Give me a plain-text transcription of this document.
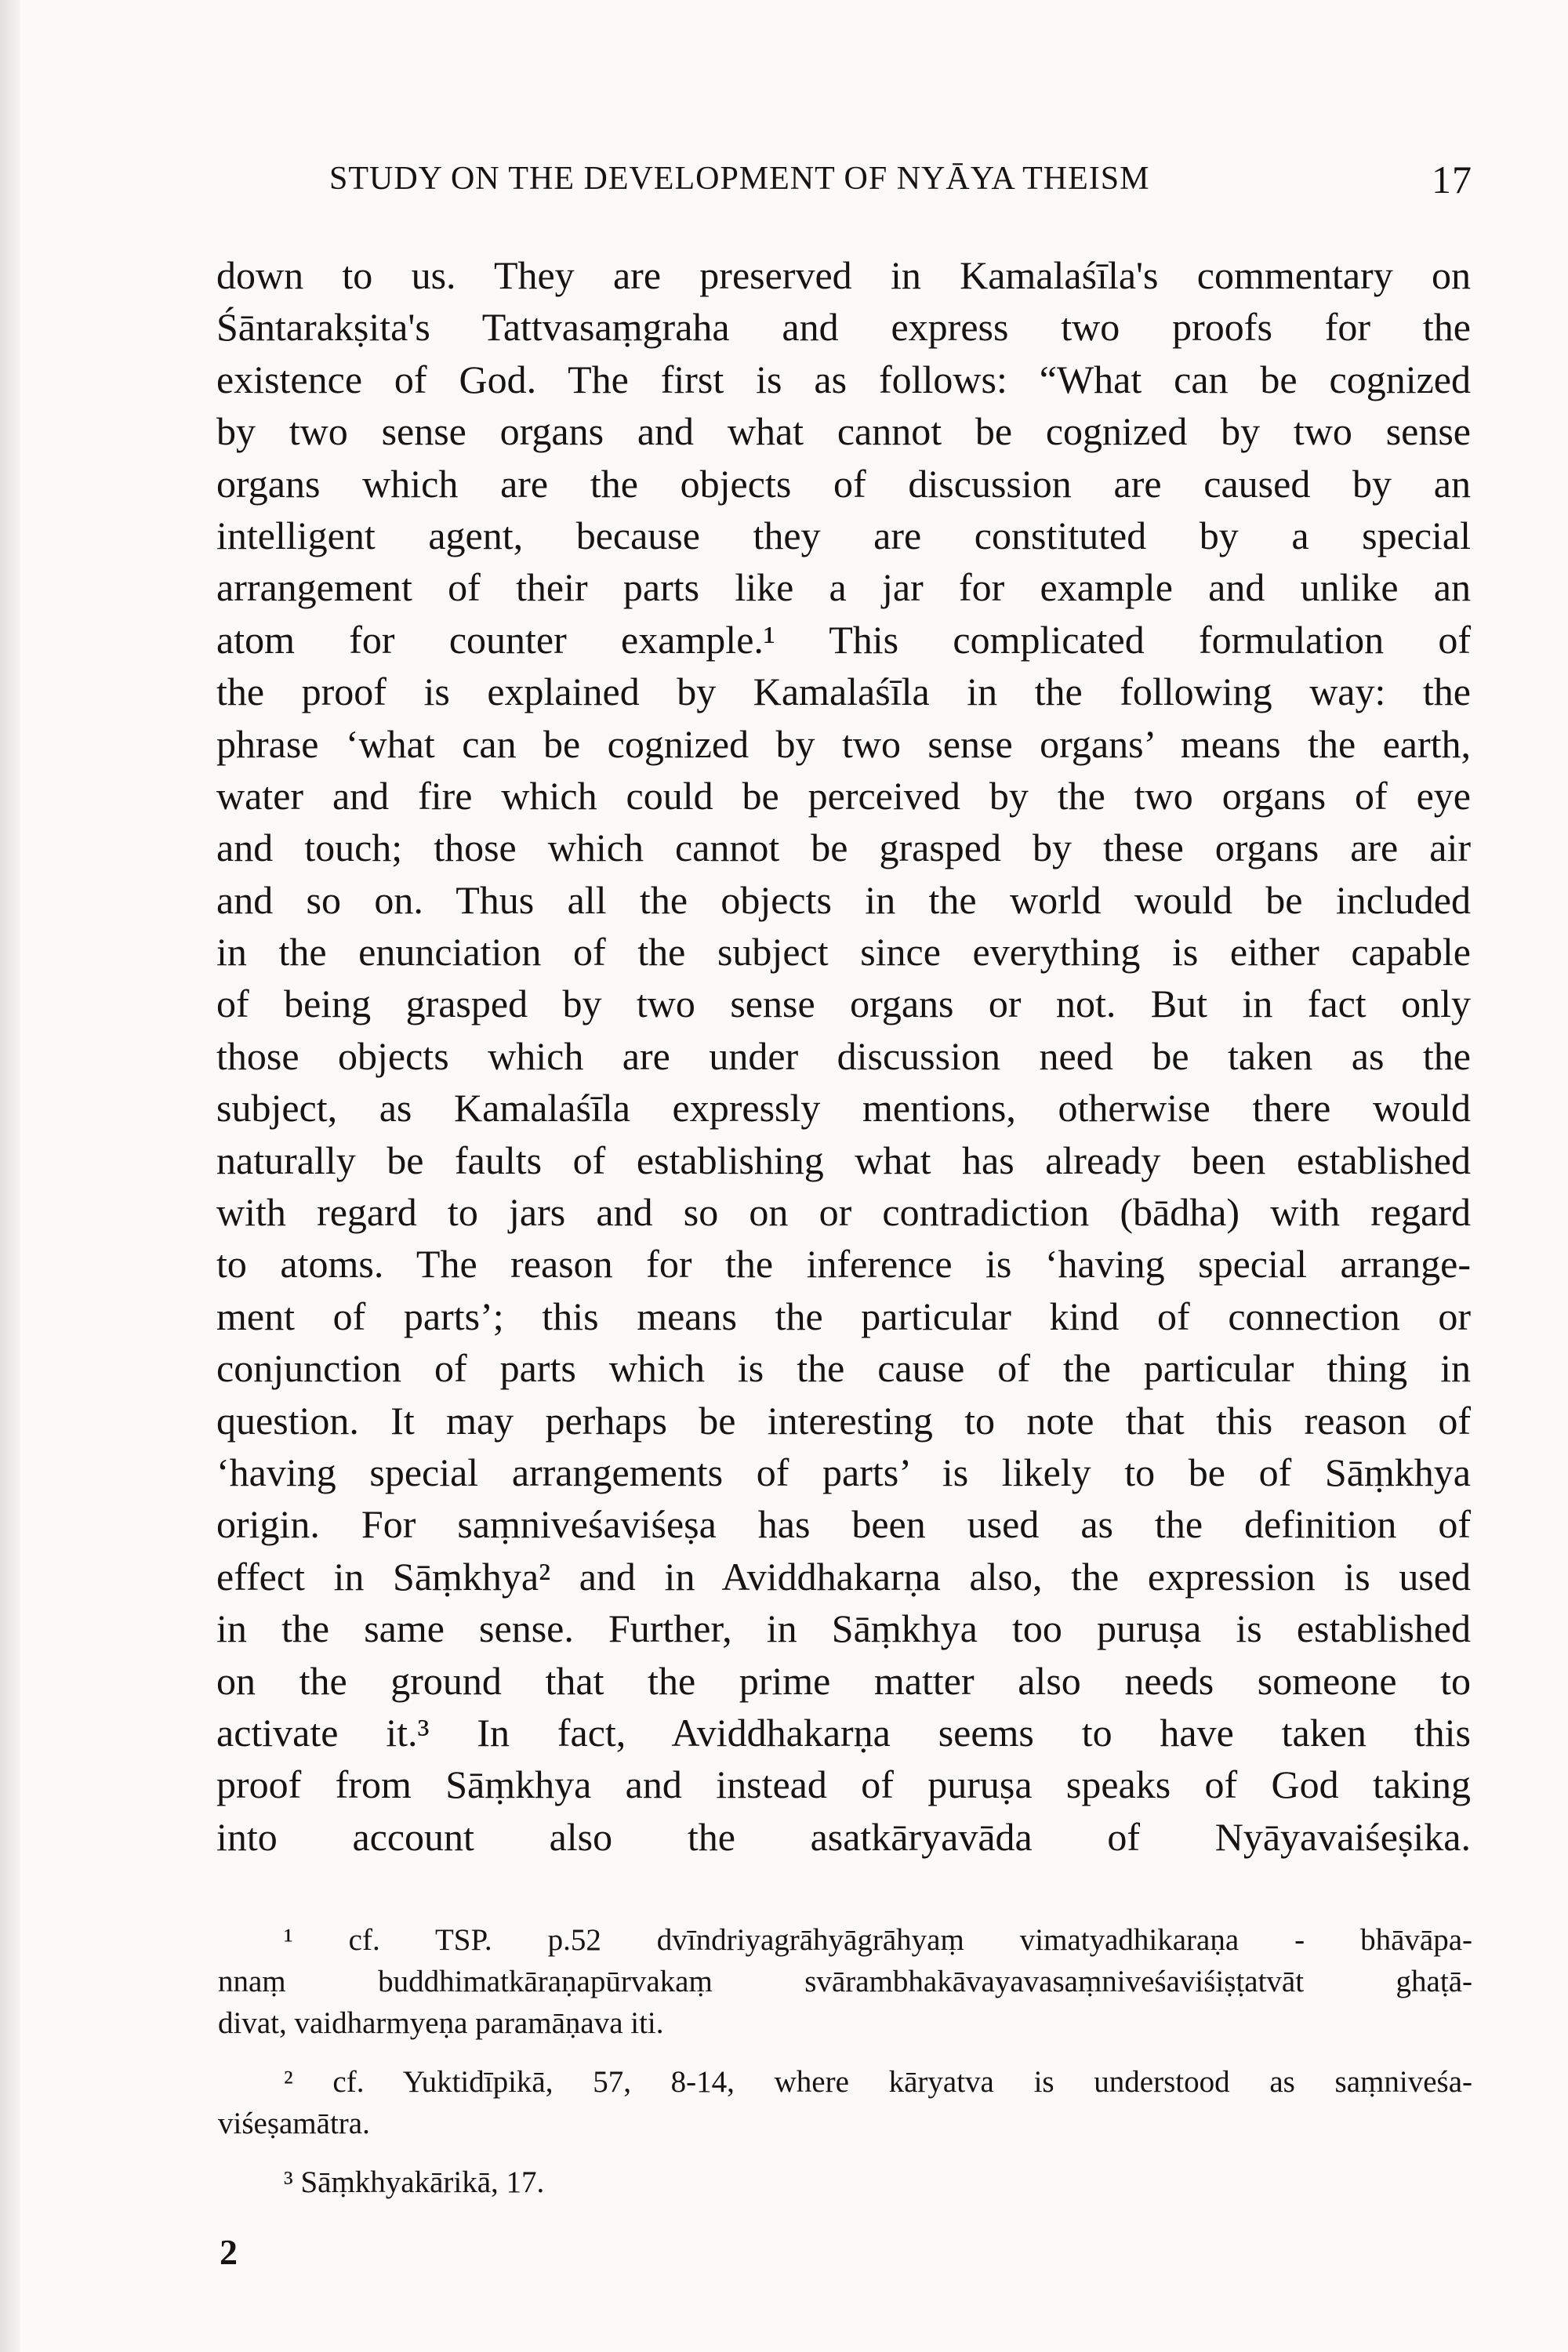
STUDY ON THE DEVELOPMENT OF NYĀYA THEISM	17
down to us. They are preserved in Kamalaśīla's commentary on
Śāntarakṣita's Tattvasaṃgraha and express two proofs for the
existence of God. The first is as follows: “What can be cognized
by two sense organs and what cannot be cognized by two sense
organs which are the objects of discussion are caused by an
intelligent agent, because they are constituted by a special
arrangement of their parts like a jar for example and unlike an
atom for counter example.¹ This complicated formulation of
the proof is explained by Kamalaśīla in the following way: the
phrase ‘what can be cognized by two sense organs’ means the earth,
water and fire which could be perceived by the two organs of eye
and touch; those which cannot be grasped by these organs are air
and so on. Thus all the objects in the world would be included
in the enunciation of the subject since everything is either capable
of being grasped by two sense organs or not. But in fact only
those objects which are under discussion need be taken as the
subject, as Kamalaśīla expressly mentions, otherwise there would
naturally be faults of establishing what has already been established
with regard to jars and so on or contradiction (bādha) with regard
to atoms. The reason for the inference is ‘having special arrange-
ment of parts’; this means the particular kind of connection or
conjunction of parts which is the cause of the particular thing in
question. It may perhaps be interesting to note that this reason of
‘having special arrangements of parts’ is likely to be of Sāṃkhya
origin. For saṃniveśaviśeṣa has been used as the definition of
effect in Sāṃkhya² and in Aviddhakarṇa also, the expression is used
in the same sense. Further, in Sāṃkhya too puruṣa is established
on the ground that the prime matter also needs someone to
activate it.³ In fact, Aviddhakarṇa seems to have taken this
proof from Sāṃkhya and instead of puruṣa speaks of God taking
into account also the asatkāryavāda of Nyāyavaiśeṣika.
¹ cf. TSP. p.52 dvīndriyagrāhyāgrāhyaṃ vimatyadhikaraṇa - bhāvāpa-
nnaṃ buddhimatkāraṇapūrvakaṃ svārambhakāvayavasaṃniveśaviśiṣṭatvāt ghaṭā-
divat, vaidharmyeṇa paramāṇava iti.
² cf. Yuktidīpikā, 57, 8-14, where kāryatva is understood as saṃniveśa-
viśeṣamātra.
³ Sāṃkhyakārikā, 17.
2
